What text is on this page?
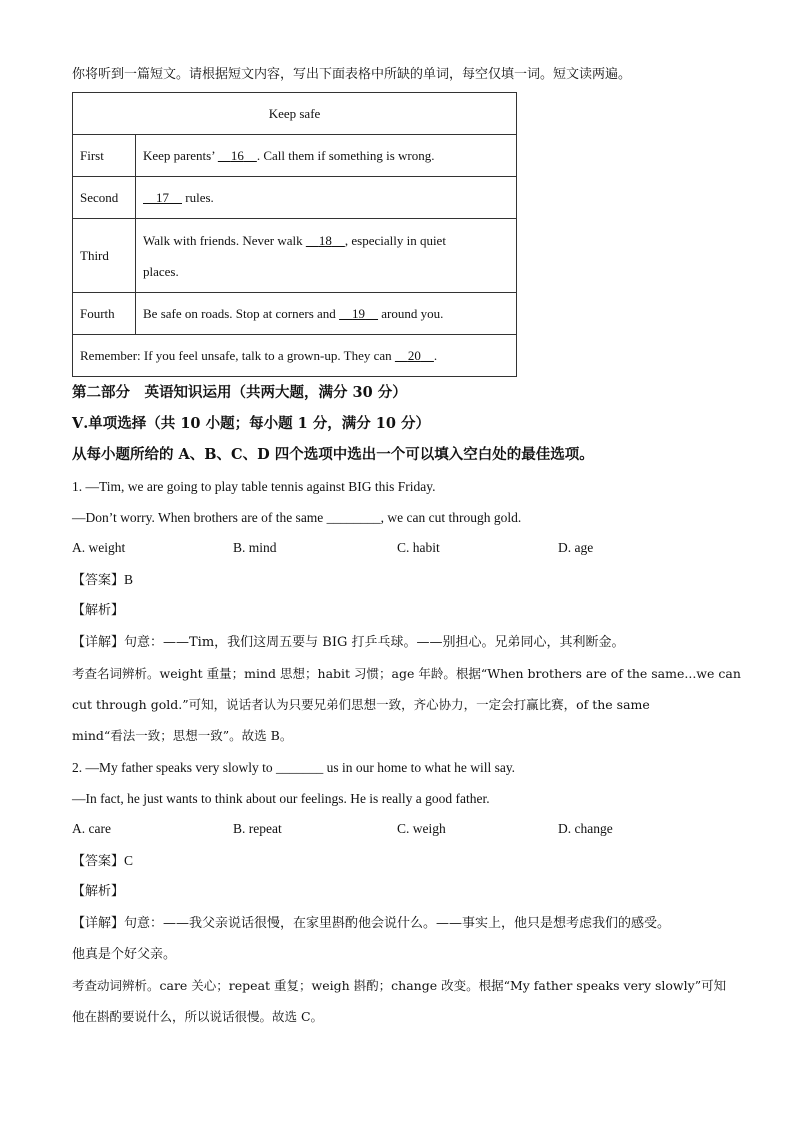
你将听到一篇短文。请根据短文内容，写出下面表格中所缺的单词，每空仅填一词。短文读两遍。
Keep safe	
First	Keep parents’     16 . Call them if something is wrong.
Second	17     rules.
Third	Walk with friends. Never walk     18 , especially in quiet
places.
Fourth	Be safe on roads. Stop at corners and     19     around you.
Remember: If you feel unsafe, talk to a grown-up. They can     20 .	
第二部分　英语知识运用（共两大题，满分 30 分）
Ⅴ.单项选择（共 10 小题；每小题 1 分，满分 10 分）
从每小题所给的 A、B、C、D 四个选项中选出一个可以填入空白处的最佳选项。
1. —Tim, we are going to play table tennis against BIG this Friday.
—Don’t worry. When brothers are of the same ________, we can cut through gold.
A. weight	B. mind	C. habit	D. age
【答案】B
【解析】
【详解】句意：——Tim，我们这周五要与 BIG 打乒乓球。——别担心。兄弟同心，其利断金。
考查名词辨析。weight 重量；mind 思想；habit 习惯；age 年龄。根据“When brothers are of the same...we can
cut through gold.”可知，说话者认为只要兄弟们思想一致，齐心协力，一定会打赢比赛，of the same
mind“看法一致；思想一致”。故选 B。
2. —My father speaks very slowly to _______ us in our home to what he will say.
—In fact, he just wants to think about our feelings. He is really a good father.
A. care	B. repeat	C. weigh	D. change
【答案】C
【解析】
【详解】句意：——我父亲说话很慢，在家里斟酌他会说什么。——事实上，他只是想考虑我们的感受。
他真是个好父亲。
考查动词辨析。care 关心；repeat 重复；weigh 斟酌；change 改变。根据“My father speaks very slowly”可知
他在斟酌要说什么，所以说话很慢。故选 C。
